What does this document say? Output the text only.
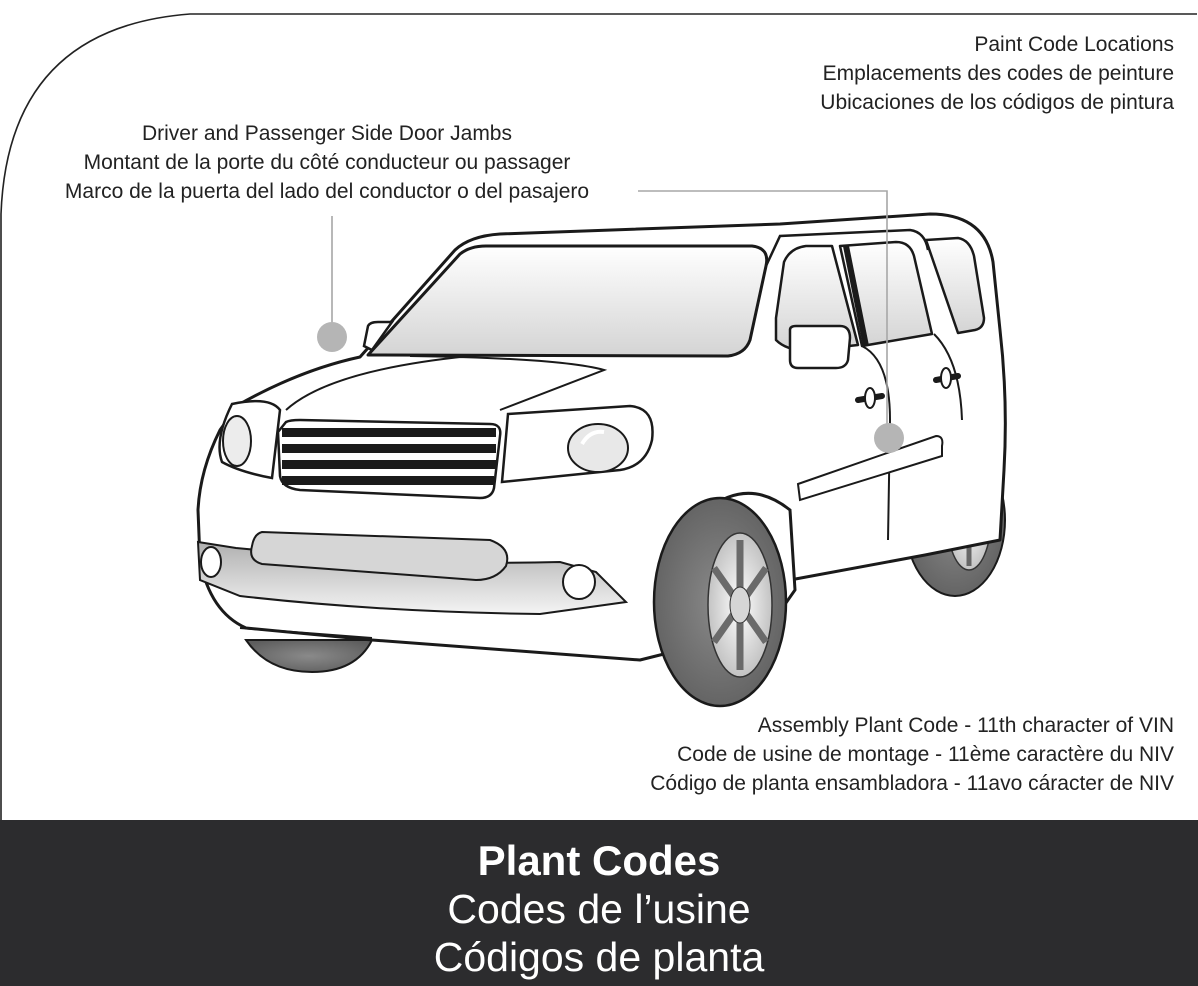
Paint Code Locations
Emplacements des codes de peinture
Ubicaciones de los códigos de pintura
Driver and Passenger Side Door Jambs
Montant de la porte du côté conducteur ou passager
Marco de la puerta del lado del conductor o del pasajero
Assembly Plant Code - 11th character of VIN
Code de usine de montage - 11ème caractère du NIV
Código de planta ensambladora - 11avo cáracter de NIV
Plant Codes
Codes de l’usine
Códigos de planta
